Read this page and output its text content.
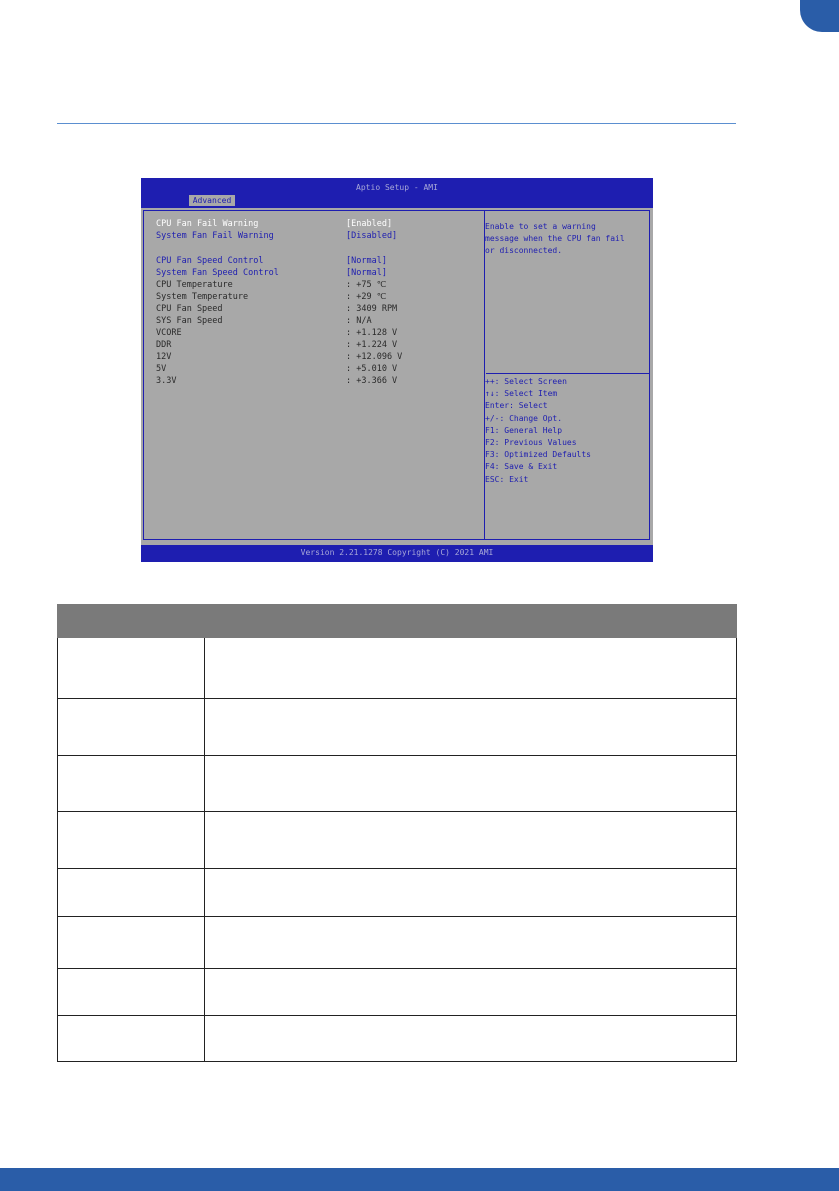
Aptio Setup - AMI
Advanced
CPU Fan Fail Warning	[Enabled]
System Fan Fail Warning	[Disabled]
CPU Fan Speed Control	[Normal]
System Fan Speed Control	[Normal]
CPU Temperature	: +75 ℃
System Temperature	: +29 ℃
CPU Fan Speed	: 3409 RPM
SYS Fan Speed	: N/A
VCORE	: +1.128 V
DDR	: +1.224 V
12V	: +12.096 V
5V	: +5.010 V
3.3V	: +3.366 V
Enable to set a warning
message when the CPU fan fail
or disconnected.
++: Select Screen
↑↓: Select Item
Enter: Select
+/-: Change Opt.
F1: General Help
F2: Previous Values
F3: Optimized Defaults
F4: Save & Exit
ESC: Exit
Version 2.21.1278 Copyright (C) 2021 AMI
